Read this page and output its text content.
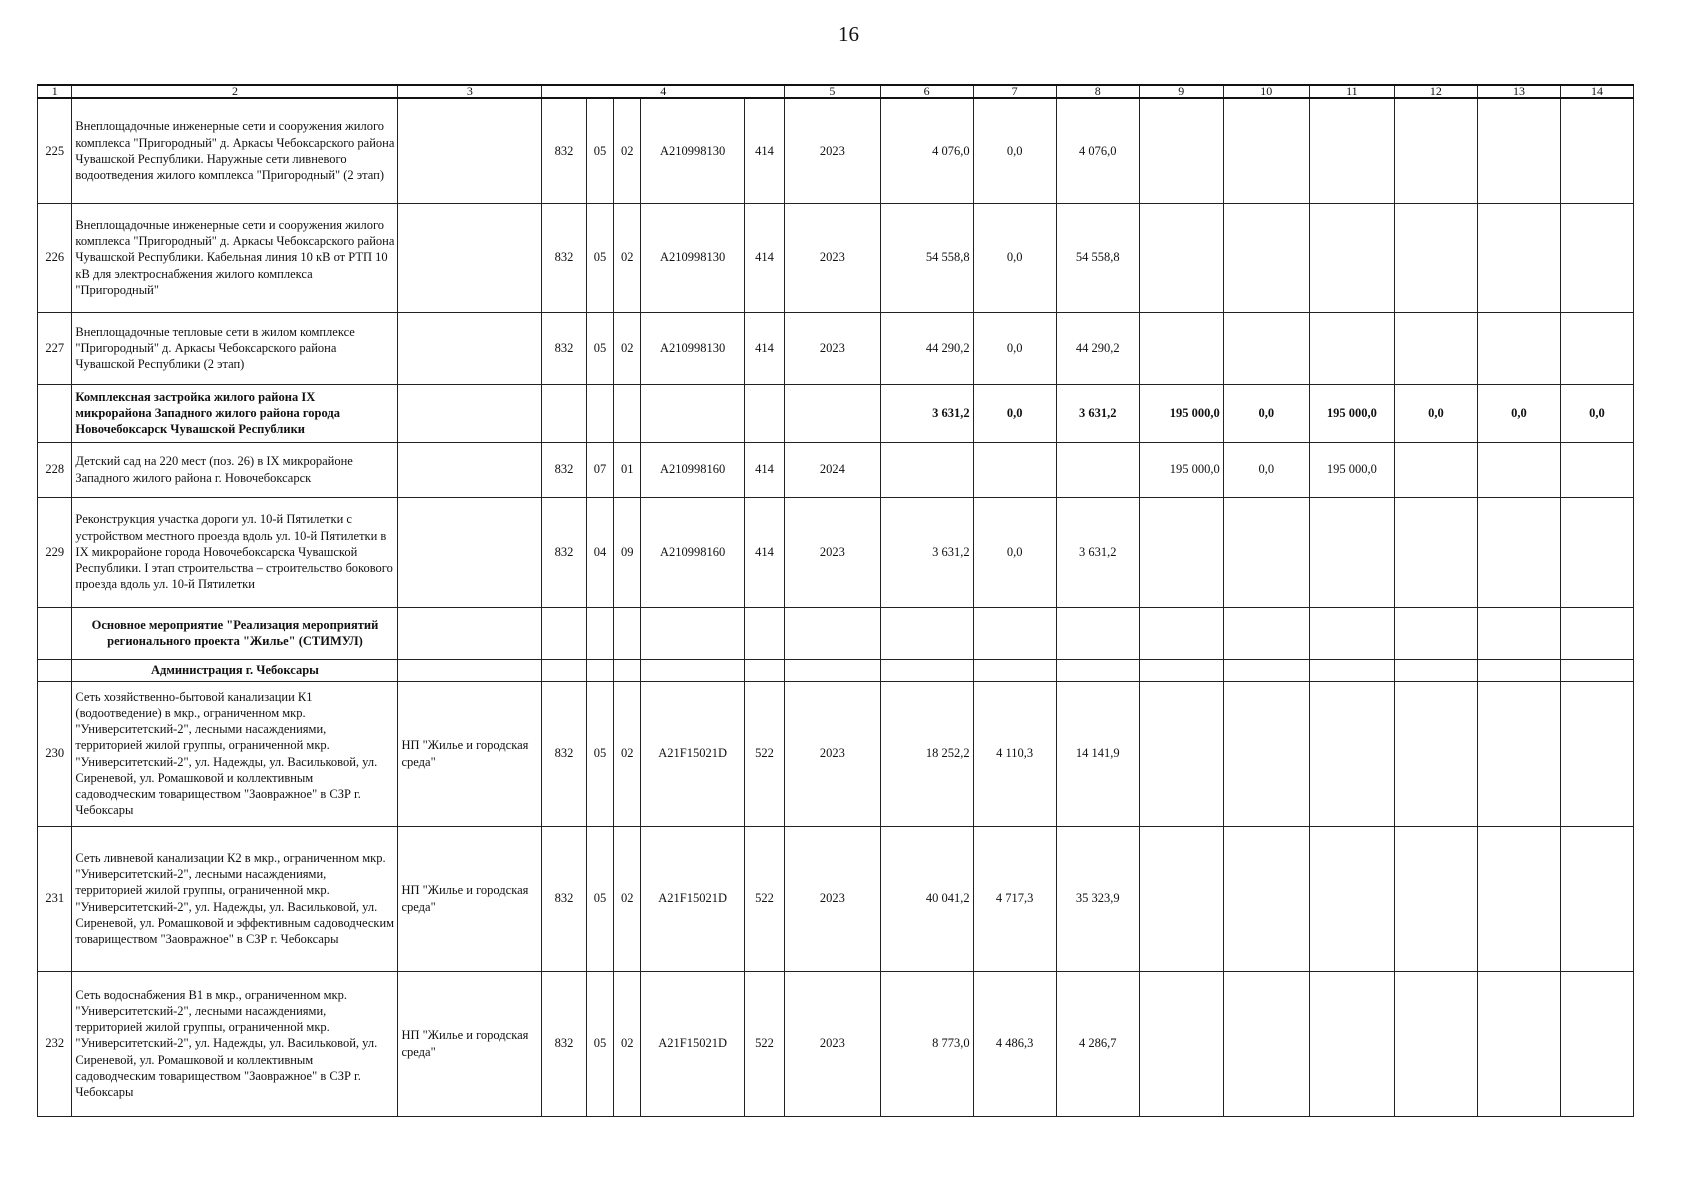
16
1	2	3	4					5	6	7	8	9	10	11	12	13	14
225	Внеплощадочные инженерные сети и сооружения жилого комплекса "Пригородный" д. Аркасы Чебоксарского района Чувашской Республики. Наружные сети ливневого водоотведения жилого комплекса "Пригородный" (2 этап)		832	05	02	A210998130	414	2023	4 076,0	0,0	4 076,0						
226	Внеплощадочные инженерные сети и сооружения жилого комплекса "Пригородный" д. Аркасы Чебоксарского района Чувашской Республики. Кабельная линия 10 кВ от РТП 10 кВ для электроснабжения жилого комплекса "Пригородный"		832	05	02	A210998130	414	2023	54 558,8	0,0	54 558,8						
227	Внеплощадочные тепловые сети в жилом комплексе "Пригородный" д. Аркасы Чебоксарского района Чувашской Республики (2 этап)		832	05	02	A210998130	414	2023	44 290,2	0,0	44 290,2						
	Комплексная застройка жилого района IX микрорайона Западного жилого района города Новочебоксарск Чувашской Республики								3 631,2	0,0	3 631,2	195 000,0	0,0	195 000,0	0,0	0,0	0,0
228	Детский сад на 220 мест (поз. 26) в IX микрорайоне Западного жилого района г. Новочебоксарск		832	07	01	A210998160	414	2024				195 000,0	0,0	195 000,0			
229	Реконструкция участка дороги ул. 10-й Пятилетки с устройством местного проезда вдоль ул. 10-й Пятилетки в IX микрорайоне города Новочебоксарска Чувашской Республики. I этап строительства – строительство бокового проезда вдоль ул. 10-й Пятилетки		832	04	09	A210998160	414	2023	3 631,2	0,0	3 631,2						
	Основное мероприятие "Реализация мероприятий регионального проекта "Жилье" (СТИМУЛ)																
	Администрация г. Чебоксары																
230	Сеть хозяйственно-бытовой канализации К1 (водоотведение) в мкр., ограниченном мкр. "Университетский-2", лесными насаждениями, территорией жилой группы, ограниченной мкр. "Университетский-2", ул. Надежды, ул. Васильковой, ул. Сиреневой, ул. Ромашковой и коллективным садоводческим товариществом "Заовражное" в СЗР г. Чебоксары	НП "Жилье и городская среда"	832	05	02	A21F15021D	522	2023	18 252,2	4 110,3	14 141,9						
231	Сеть ливневой канализации К2 в мкр., ограниченном мкр. "Университетский-2", лесными насаждениями, территорией жилой группы, ограниченной мкр. "Университетский-2", ул. Надежды, ул. Васильковой, ул. Сиреневой, ул. Ромашковой и эффективным садоводческим товариществом "Заовражное" в СЗР г. Чебоксары	НП "Жилье и городская среда"	832	05	02	A21F15021D	522	2023	40 041,2	4 717,3	35 323,9						
232	Сеть водоснабжения В1 в мкр., ограниченном мкр. "Университетский-2", лесными насаждениями, территорией жилой группы, ограниченной мкр. "Университетский-2", ул. Надежды, ул. Васильковой, ул. Сиреневой, ул. Ромашковой и коллективным садоводческим товариществом "Заовражное" в СЗР г. Чебоксары	НП "Жилье и городская среда"	832	05	02	A21F15021D	522	2023	8 773,0	4 486,3	4 286,7						
